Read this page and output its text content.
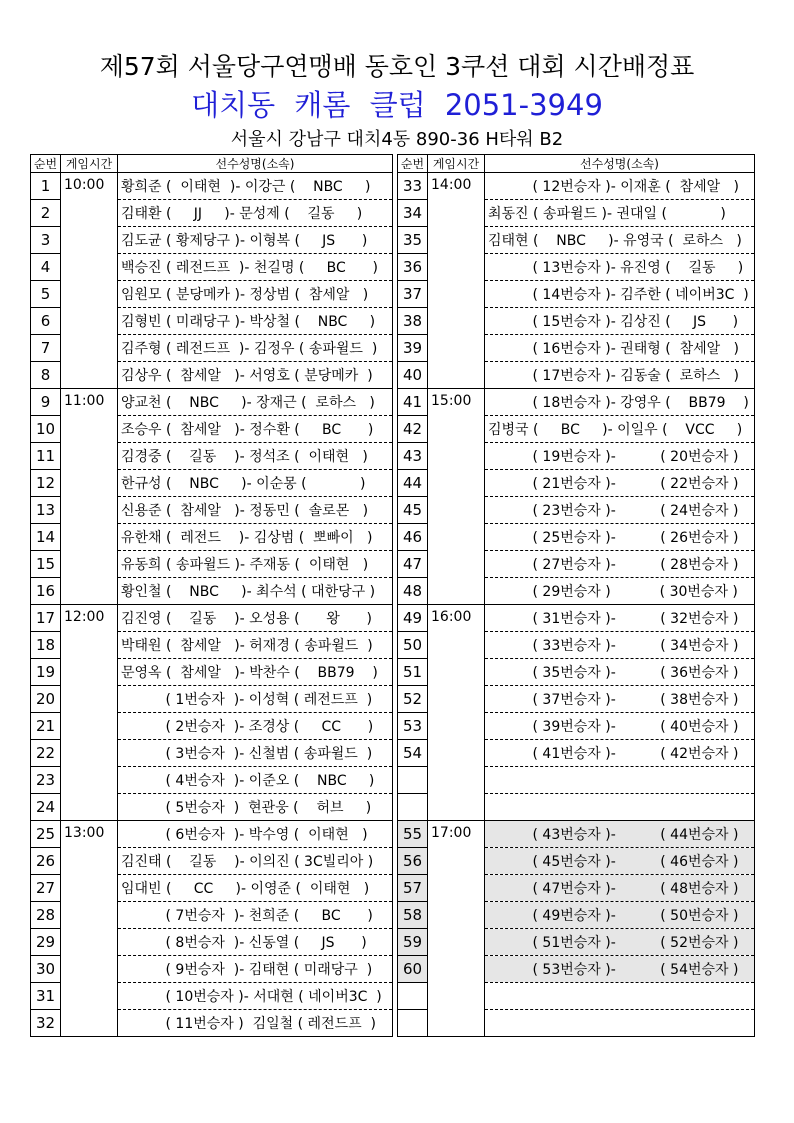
제57회 서울당구연맹배 동호인 3쿠션 대회 시간배정표
대치동 캐롬 클럽 2051-3949
서울시 강남구 대치4동 890-36 H타워 B2
순번	게임시간	선수성명(소속)
1	10:00	황희준 (  이태현  )- 이강근 (    NBC     )
2		김태환 (     JJ     )- 문성제 (    길동     )
3		김도균 ( 황제당구 )- 이형복 (     JS      )
4		백승진 ( 레전드프  )- 천길명 (     BC      )
5		임원모 ( 분당메카 )- 정상범 (  참세알   )
6		김형빈 ( 미래당구 )- 박상철 (    NBC     )
7		김주형 ( 레전드프  )- 김정우 ( 송파윌드  )
8		김상우 (  참세알   )- 서영호 ( 분당메카  )
9	11:00	양교천 (    NBC     )- 장재근 (  로하스   )
10		조승우 (  참세알   )- 정수환 (     BC      )
11		김경중 (    길동    )- 정석조 (  이태현   )
12		한규성 (    NBC     )- 이순몽 (            )
13		신용준 (  참세알   )- 정동민 (  솔로몬   )
14		유한채 (  레전드    )- 김상범 (  뽀빠이   )
15		유동희 ( 송파윌드 )- 주재동 (  이태현   )
16		황인철 (    NBC     )- 최수석 ( 대한당구 )
17	12:00	김진영 (    길동    )- 오성용 (      왕      )
18		박태원 (  참세알   )- 허재경 ( 송파윌드  )
19		문영옥 (  참세알   )- 박찬수 (    BB79    )
20		( 1번승자  )- 이성혁 ( 레전드프  )
21		( 2번승자  )- 조경상 (     CC      )
22		( 3번승자  )- 신철범 ( 송파윌드  )
23		( 4번승자  )- 이준오 (    NBC     )
24		( 5번승자  )  현관웅 (    허브     )
25	13:00	( 6번승자  )- 박수영 (  이태현   )
26		김진태 (    길동    )- 이의진 ( 3C빌리아 )
27		임대빈 (     CC     )- 이영준 (  이태현   )
28		( 7번승자  )- 천희준 (     BC      )
29		( 8번승자  )- 신동열 (     JS      )
30		( 9번승자  )- 김태현 ( 미래당구  )
31		( 10번승자 )- 서대현 ( 네이버3C  )
32		( 11번승자 )  김일철 ( 레전드프  )
순번	게임시간	선수성명(소속)
33	14:00	( 12번승자 )- 이재훈 (  참세알   )
34		최동진 ( 송파윌드 )- 권대일 (            )
35		김태현 (    NBC     )- 유영국 (  로하스   )
36		( 13번승자 )- 유진영 (    길동     )
37		( 14번승자 )- 김주한 ( 네이버3C  )
38		( 15번승자 )- 김상진 (     JS      )
39		( 16번승자 )- 권태형 (  참세알   )
40		( 17번승자 )- 김동술 (  로하스   )
41	15:00	( 18번승자 )- 강영우 (    BB79    )
42		김병국 (     BC     )- 이일우 (    VCC     )
43		( 19번승자 )-          ( 20번승자 )
44		( 21번승자 )-          ( 22번승자 )
45		( 23번승자 )-          ( 24번승자 )
46		( 25번승자 )-          ( 26번승자 )
47		( 27번승자 )-          ( 28번승자 )
48		( 29번승자 )           ( 30번승자 )
49	16:00	( 31번승자 )-          ( 32번승자 )
50		( 33번승자 )-          ( 34번승자 )
51		( 35번승자 )-          ( 36번승자 )
52		( 37번승자 )-          ( 38번승자 )
53		( 39번승자 )-          ( 40번승자 )
54		( 41번승자 )-          ( 42번승자 )

55	17:00	( 43번승자 )-          ( 44번승자 )
56		( 45번승자 )-          ( 46번승자 )
57		( 47번승자 )-          ( 48번승자 )
58		( 49번승자 )-          ( 50번승자 )
59		( 51번승자 )-          ( 52번승자 )
60		( 53번승자 )-          ( 54번승자 )
